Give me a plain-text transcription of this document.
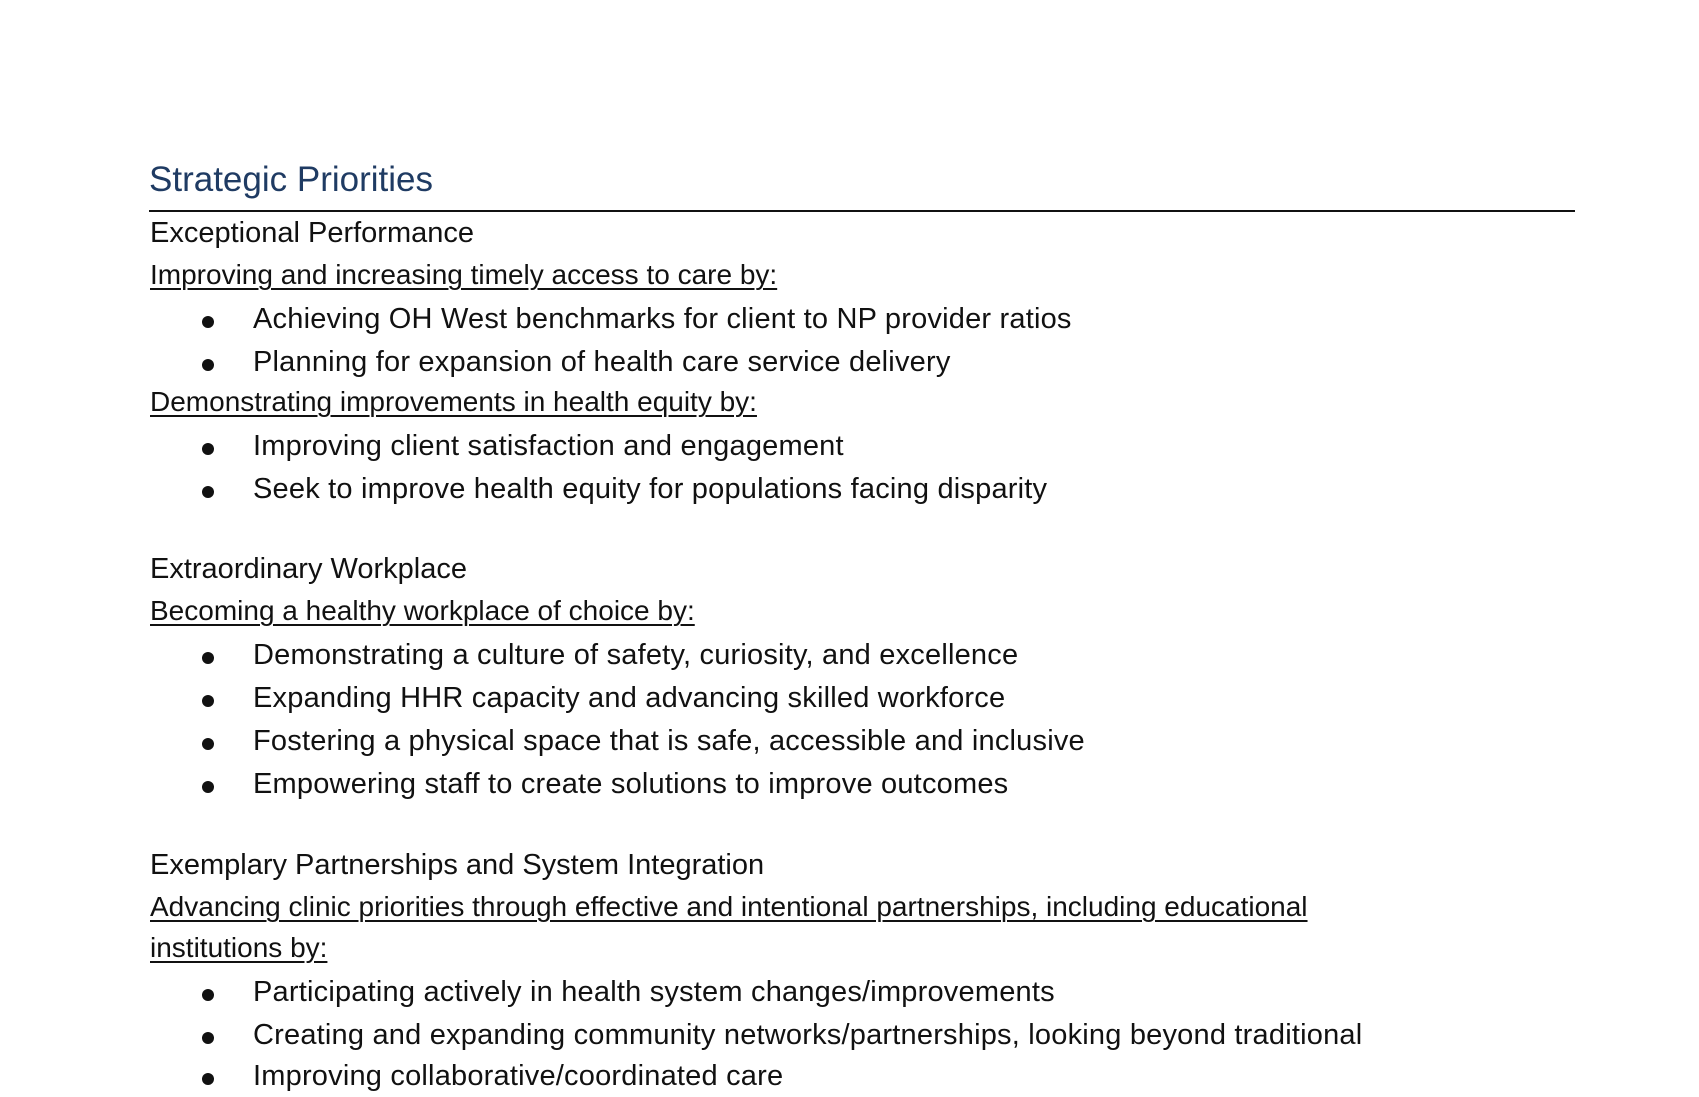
Strategic Priorities
Exceptional Performance
Improving and increasing timely access to care by:
Achieving OH West benchmarks for client to NP provider ratios
Planning for expansion of health care service delivery
Demonstrating improvements in health equity by:
Improving client satisfaction and engagement
Seek to improve health equity for populations facing disparity
Extraordinary Workplace
Becoming a healthy workplace of choice by:
Demonstrating a culture of safety, curiosity, and excellence
Expanding HHR capacity and advancing skilled workforce
Fostering a physical space that is safe, accessible and inclusive
Empowering staff to create solutions to improve outcomes
Exemplary Partnerships and System Integration
Advancing clinic priorities through effective and intentional partnerships, including educational institutions by:
Participating actively in health system changes/improvements
Creating and expanding community networks/partnerships, looking beyond traditional
Improving collaborative/coordinated care
